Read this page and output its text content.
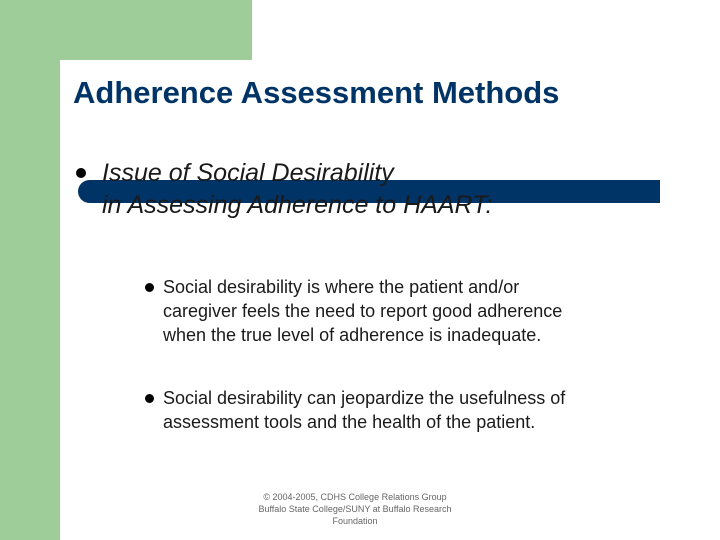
Adherence Assessment Methods
Issue of Social Desirability
in Assessing Adherence to HAART:
Social desirability is where the patient and/or
caregiver feels the need to report good adherence
when the true level of adherence is inadequate.
Social desirability can jeopardize the usefulness of
assessment tools and the health of the patient.
© 2004-2005, CDHS College Relations Group
Buffalo State College/SUNY at Buffalo Research
Foundation
